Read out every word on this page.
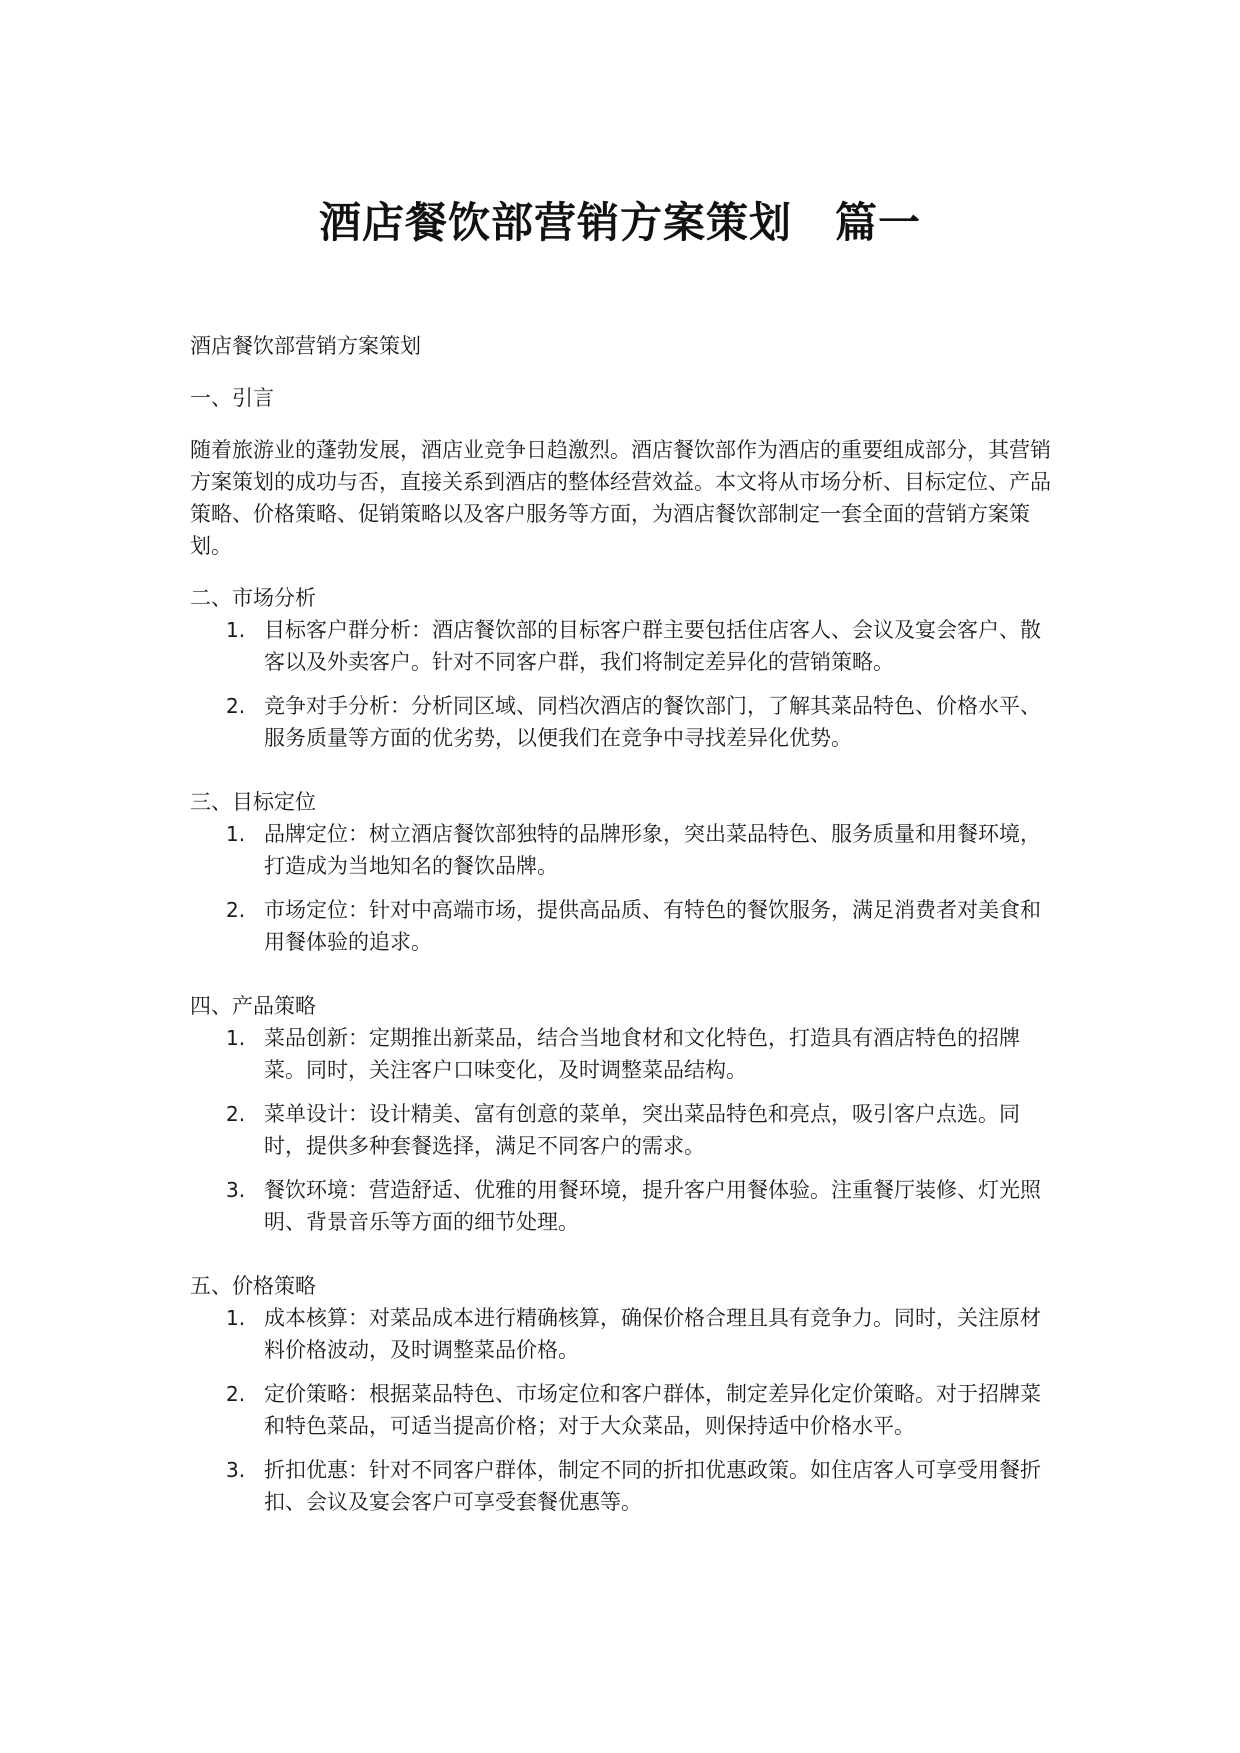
酒店餐饮部营销方案策划　篇一

酒店餐饮部营销方案策划

一、引言

随着旅游业的蓬勃发展，酒店业竞争日趋激烈。酒店餐饮部作为酒店的重要组成部分，其营销方案策划的成功与否，直接关系到酒店的整体经营效益。本文将从市场分析、目标定位、产品策略、价格策略、促销策略以及客户服务等方面，为酒店餐饮部制定一套全面的营销方案策划。

二、市场分析

1. 目标客户群分析：酒店餐饮部的目标客户群主要包括住店客人、会议及宴会客户、散客以及外卖客户。针对不同客户群，我们将制定差异化的营销策略。
2. 竞争对手分析：分析同区域、同档次酒店的餐饮部门，了解其菜品特色、价格水平、服务质量等方面的优劣势，以便我们在竞争中寻找差异化优势。

三、目标定位

1. 品牌定位：树立酒店餐饮部独特的品牌形象，突出菜品特色、服务质量和用餐环境，打造成为当地知名的餐饮品牌。
2. 市场定位：针对中高端市场，提供高品质、有特色的餐饮服务，满足消费者对美食和用餐体验的追求。

四、产品策略

1. 菜品创新：定期推出新菜品，结合当地食材和文化特色，打造具有酒店特色的招牌菜。同时，关注客户口味变化，及时调整菜品结构。
2. 菜单设计：设计精美、富有创意的菜单，突出菜品特色和亮点，吸引客户点选。同时，提供多种套餐选择，满足不同客户的需求。
3. 餐饮环境：营造舒适、优雅的用餐环境，提升客户用餐体验。注重餐厅装修、灯光照明、背景音乐等方面的细节处理。

五、价格策略

1. 成本核算：对菜品成本进行精确核算，确保价格合理且具有竞争力。同时，关注原材料价格波动，及时调整菜品价格。
2. 定价策略：根据菜品特色、市场定位和客户群体，制定差异化定价策略。对于招牌菜和特色菜品，可适当提高价格；对于大众菜品，则保持适中价格水平。
3. 折扣优惠：针对不同客户群体，制定不同的折扣优惠政策。如住店客人可享受用餐折扣、会议及宴会客户可享受套餐优惠等。
